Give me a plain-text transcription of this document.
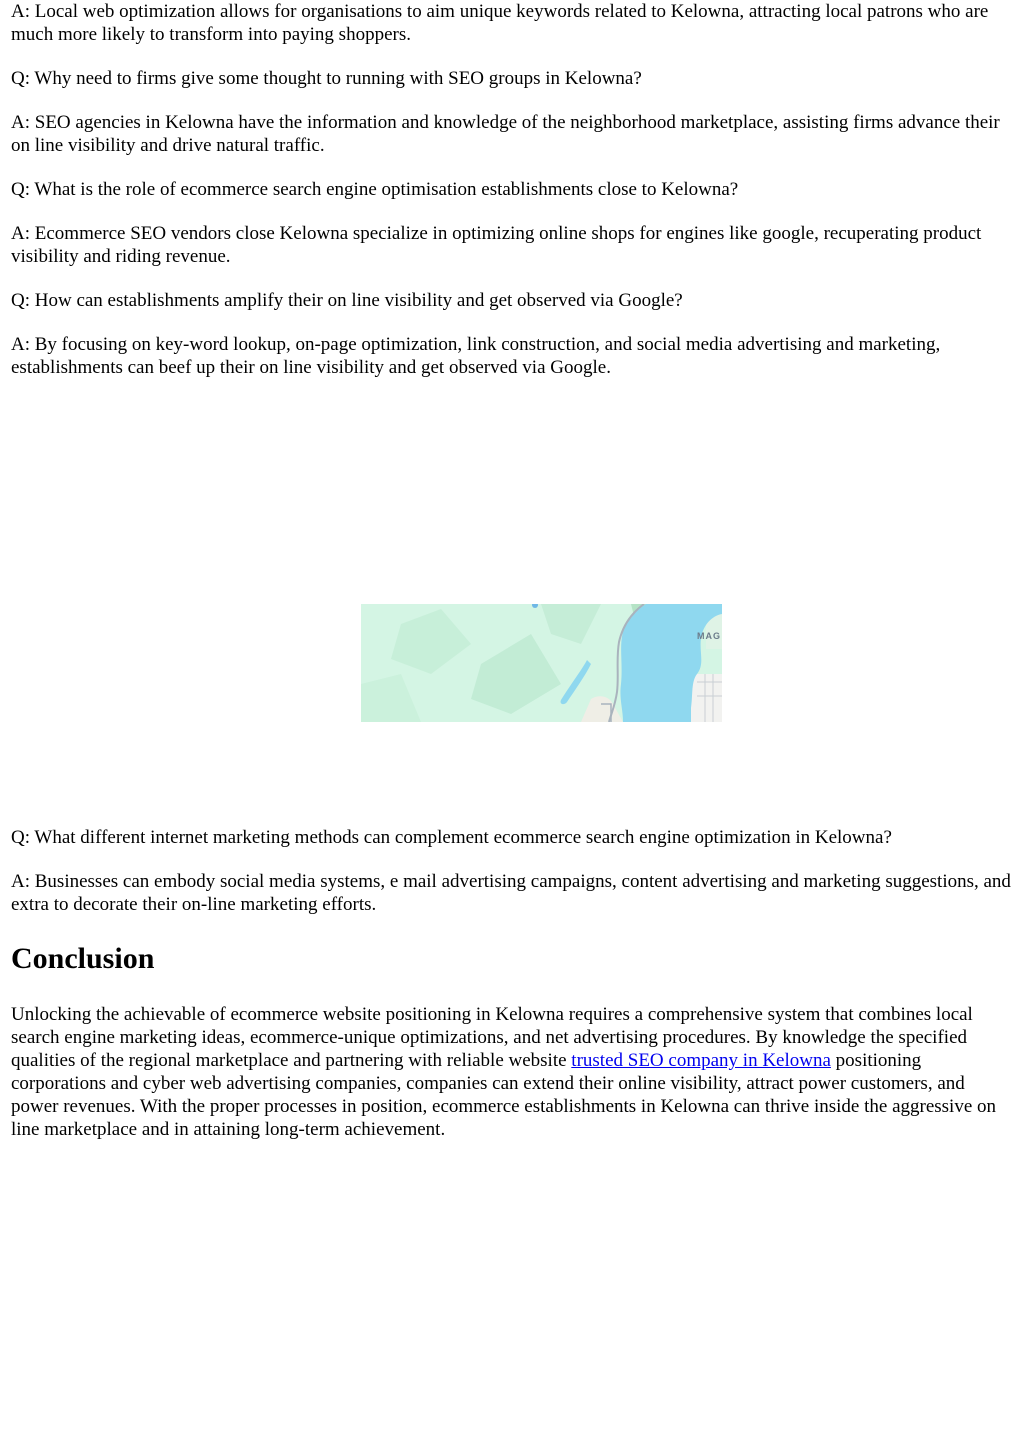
A: Local web optimization allows for organisations to aim unique keywords related to Kelowna, attracting local patrons who are much more likely to transform into paying shoppers.

Q: Why need to firms give some thought to running with SEO groups in Kelowna?

A: SEO agencies in Kelowna have the information and knowledge of the neighborhood marketplace, assisting firms advance their on line visibility and drive natural traffic.

Q: What is the role of ecommerce search engine optimisation establishments close to Kelowna?

A: Ecommerce SEO vendors close Kelowna specialize in optimizing online shops for engines like google, recuperating product visibility and riding revenue.

Q: How can establishments amplify their on line visibility and get observed via Google?

A: By focusing on key-word lookup, on-page optimization, link construction, and social media advertising and marketing, establishments can beef up their on line visibility and get observed via Google.

Q: What different internet marketing methods can complement ecommerce search engine optimization in Kelowna?

A: Businesses can embody social media systems, e mail advertising campaigns, content advertising and marketing suggestions, and extra to decorate their on-line marketing efforts.

Conclusion

Unlocking the achievable of ecommerce website positioning in Kelowna requires a comprehensive system that combines local search engine marketing ideas, ecommerce-unique optimizations, and net advertising procedures. By knowledge the specified qualities of the regional marketplace and partnering with reliable website trusted SEO company in Kelowna positioning corporations and cyber web advertising companies, companies can extend their online visibility, attract power customers, and power revenues. With the proper processes in position, ecommerce establishments in Kelowna can thrive inside the aggressive on line marketplace and in attaining long-term achievement.

MAG
